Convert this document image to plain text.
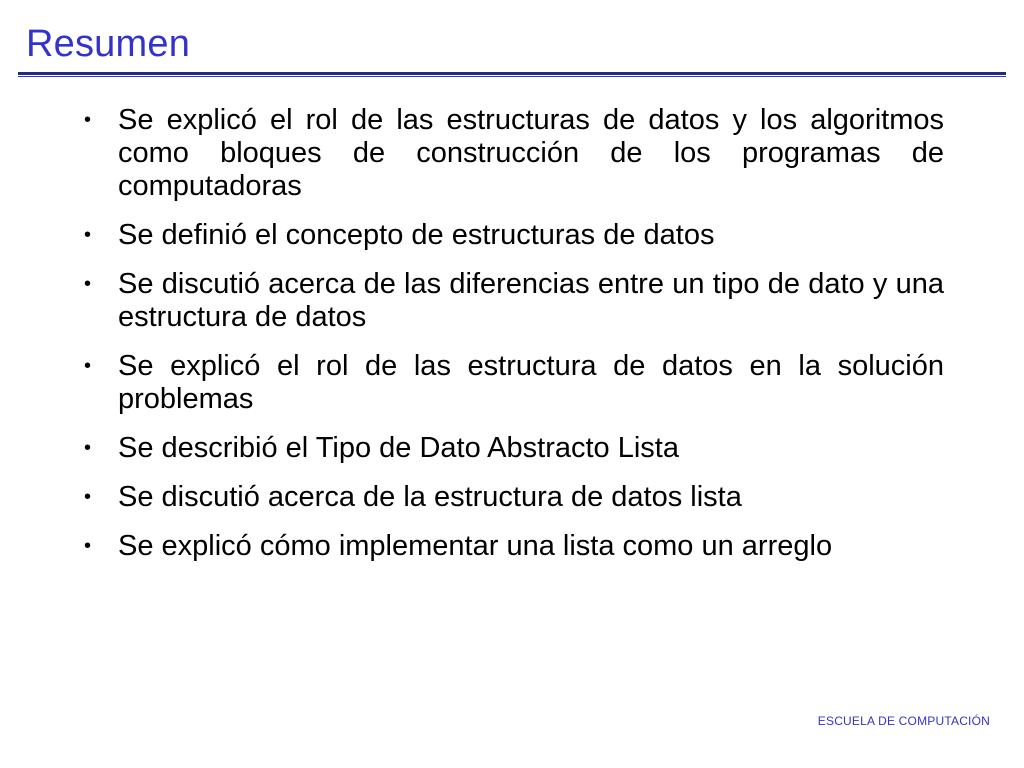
Resumen
• Se explicó el rol de las estructuras de datos y los algoritmos como bloques de construcción de los programas de computadoras
• Se definió el concepto de estructuras de datos
• Se discutió acerca de las diferencias entre un tipo de dato y una estructura de datos
• Se explicó el rol de las estructura de datos en la solución problemas
• Se describió el Tipo de Dato Abstracto Lista
• Se discutió acerca de la estructura de datos lista
• Se explicó cómo implementar una lista como un arreglo
ESCUELA DE COMPUTACIÓN
